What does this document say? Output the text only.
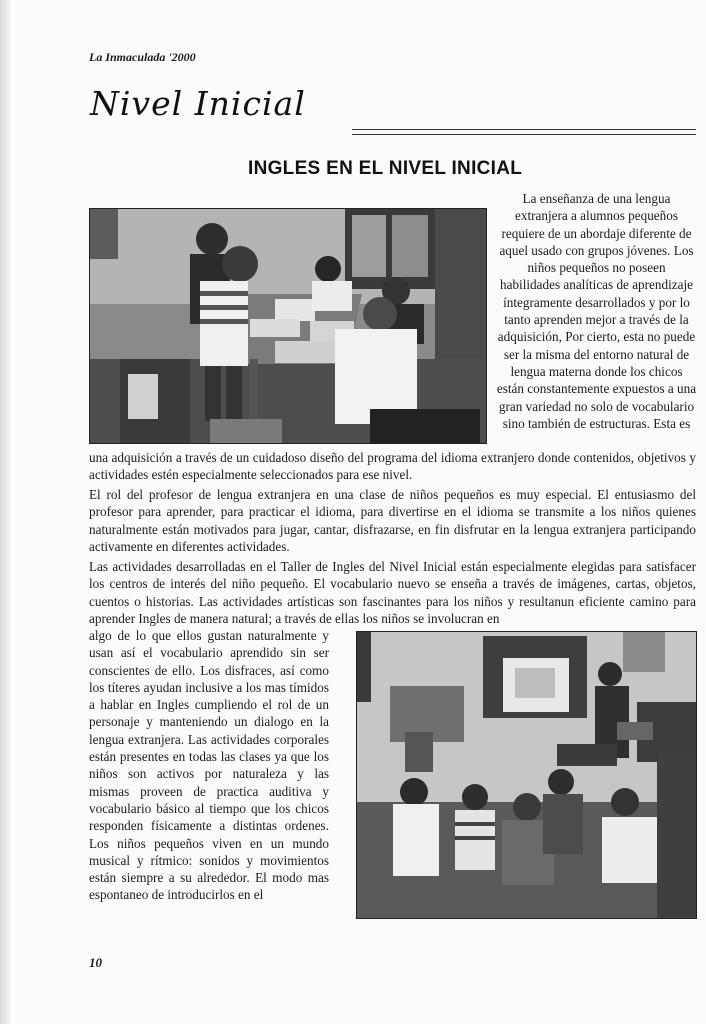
La Inmaculada '2000
Nivel Inicial
INGLES EN EL NIVEL INICIAL
La enseñanza de una lengua extranjera a alumnos pequeños requiere de un abordaje diferente de aquel usado con grupos jóvenes. Los niños pequeños no poseen habilidades analíticas de aprendizaje íntegramente desarrollados y por lo tanto aprenden mejor a través de la adquisición, Por cierto, esta no puede ser la misma del entorno natural de lengua materna donde los chicos están constantemente expuestos a una gran variedad no solo de vocabulario sino también de estructuras. Esta es
una adquisición a través de un cuidadoso diseño del programa del idioma extranjero donde contenidos, objetivos y actividades estén especialmente seleccionados para ese nivel.
El rol del profesor de lengua extranjera en una clase de niños pequeños es muy especial. El entusiasmo del profesor para aprender, para practicar el idioma, para divertirse en el idioma se transmite a los niños quienes naturalmente están motivados para jugar, cantar, disfrazarse, en fin disfrutar en la lengua extranjera participando activamente en diferentes actividades.
Las actividades desarrolladas en el Taller de Ingles del Nivel Inicial están especialmente elegidas para satisfacer los centros de interés del niño pequeño. El vocabulario nuevo se enseña a través de imágenes, cartas, objetos, cuentos o historias. Las actividades artísticas son fascinantes para los niños y resultanun eficiente camino para aprender Ingles de manera natural; a través de ellas los niños se involucran en
algo de lo que ellos gustan naturalmente y usan así el vocabulario aprendido sin ser conscientes de ello. Los disfraces, así como los títeres ayudan inclusive a los mas tímidos a hablar en Ingles cumpliendo el rol de un personaje y manteniendo un dialogo en la lengua extranjera. Las actividades corporales están presentes en todas las clases ya que los niños son activos por naturaleza y las mismas proveen de practica auditiva y vocabulario básico al tiempo que los chicos responden físicamente a distintas ordenes. Los niños pequeños viven en un mundo musical y rítmico: sonidos y movimientos están siempre a su alrededor. El modo mas espontaneo de introducirlos en el
10
